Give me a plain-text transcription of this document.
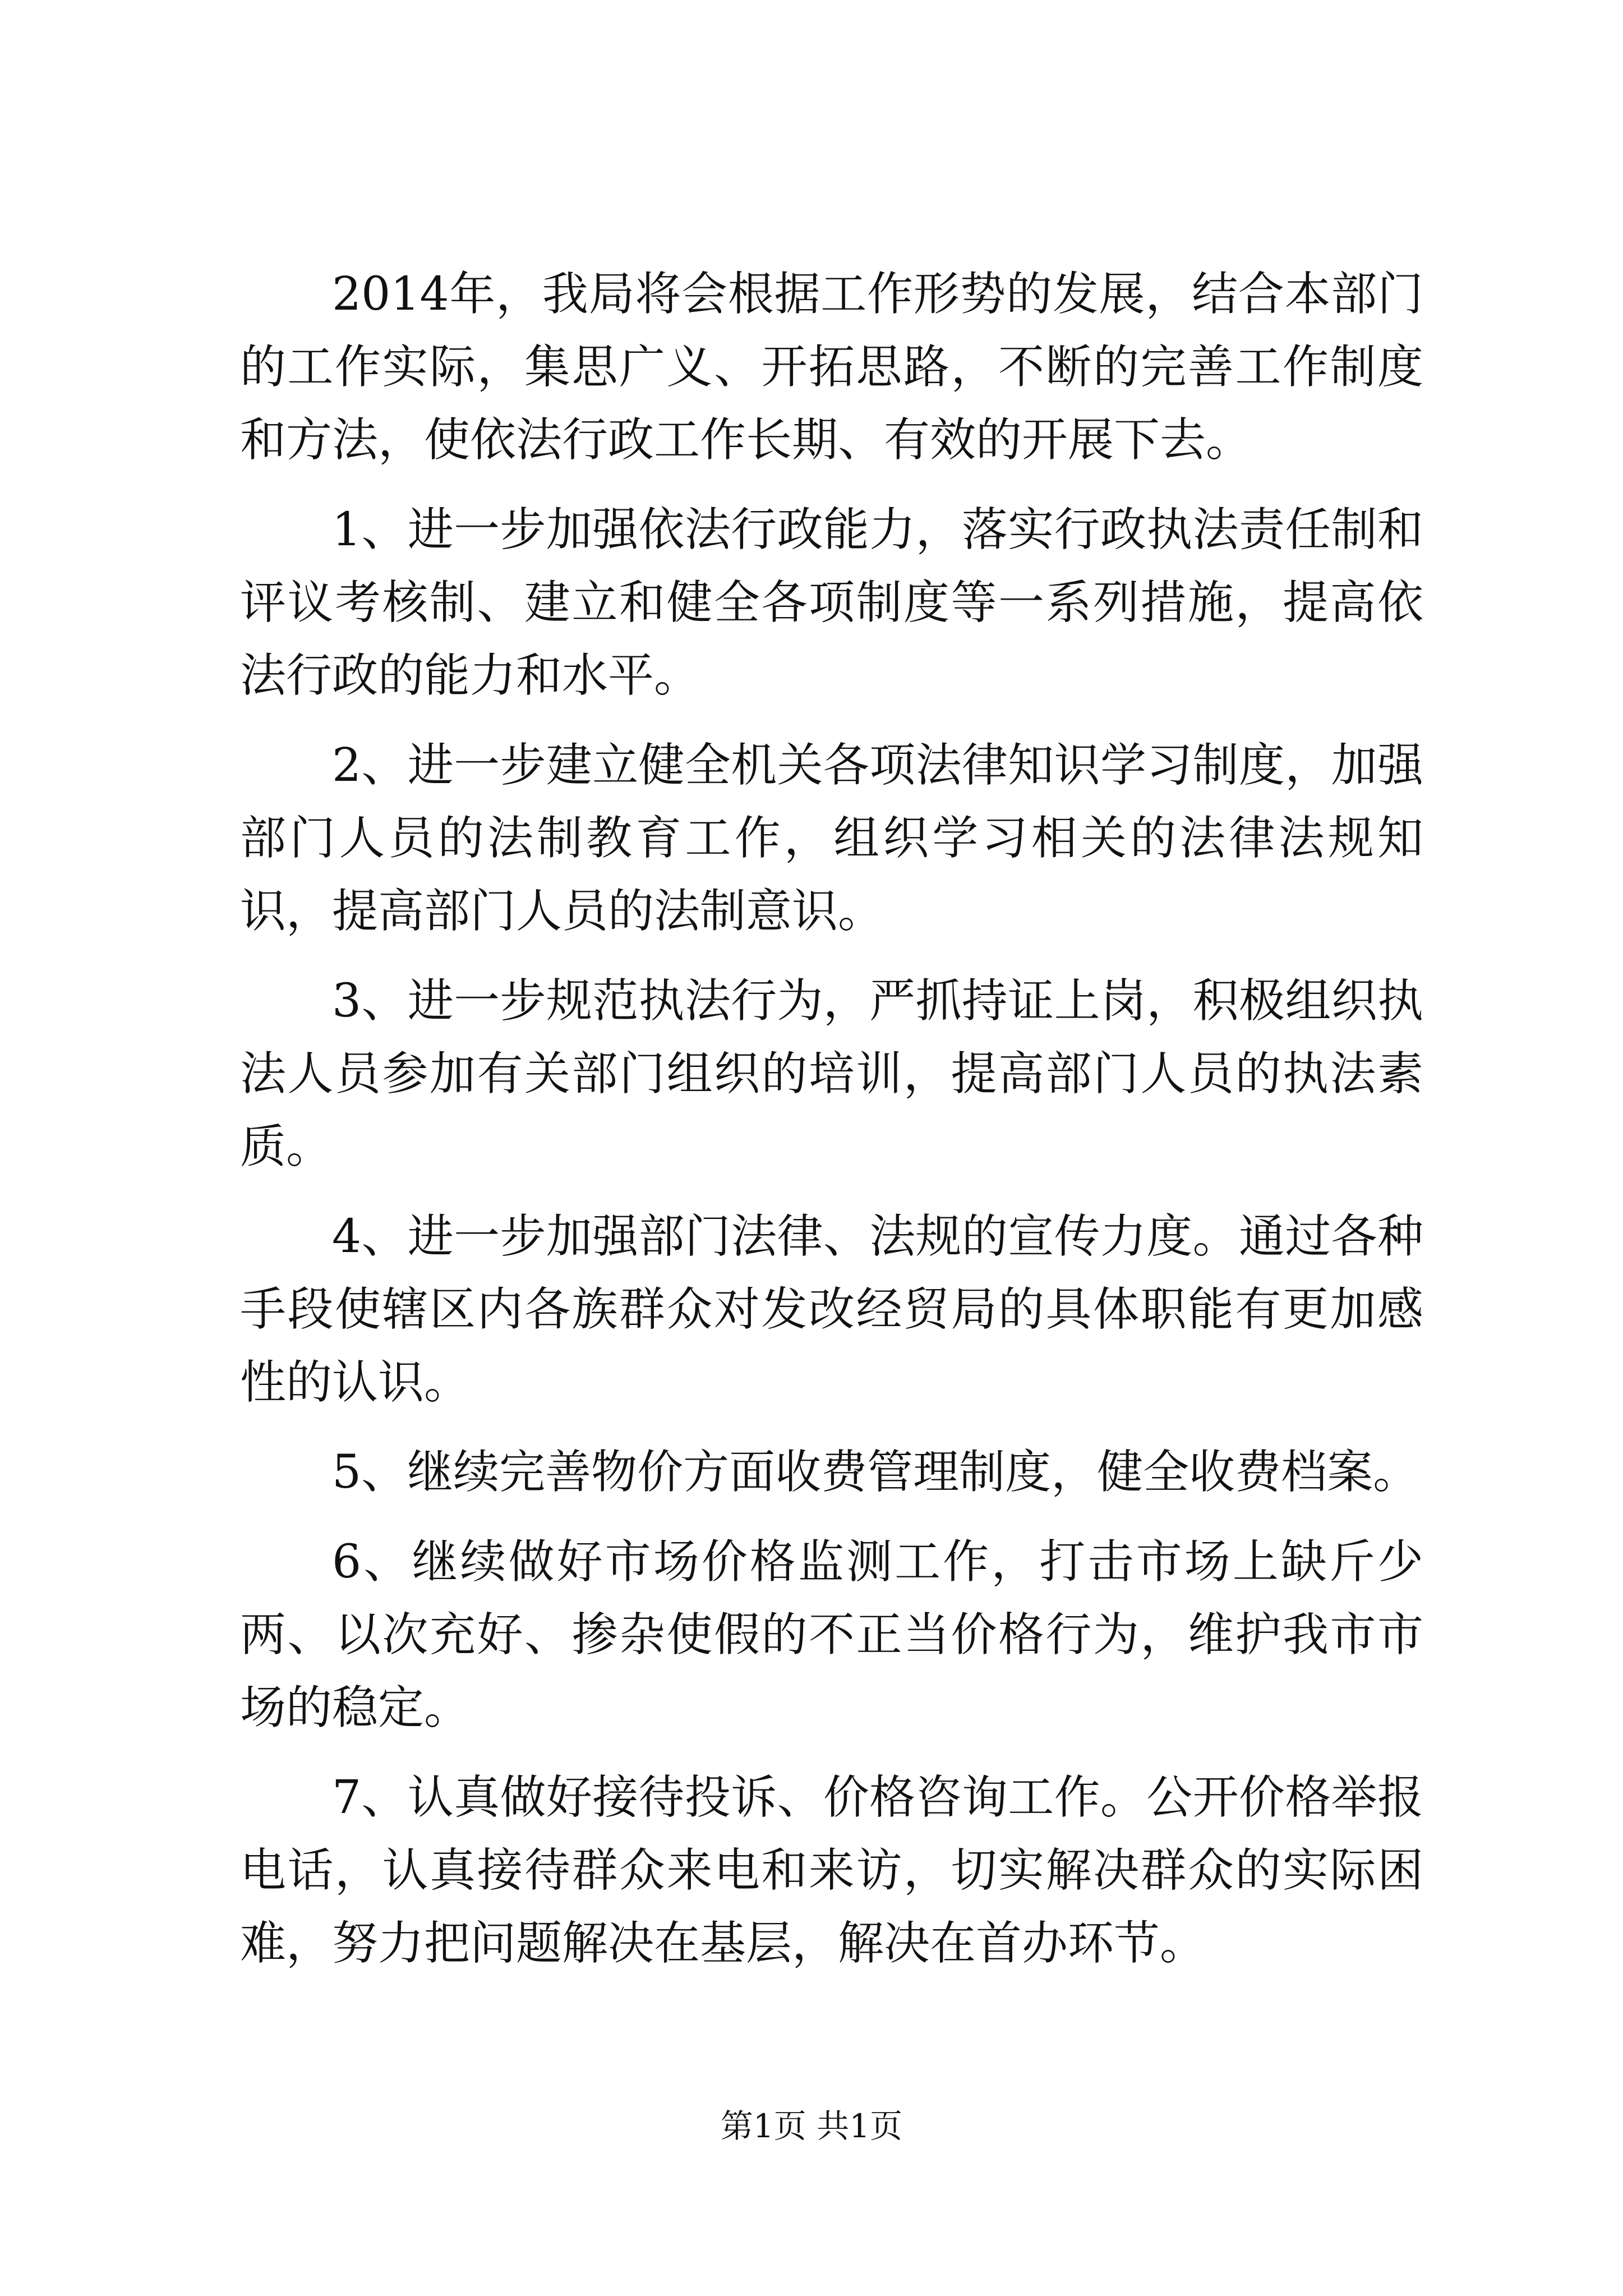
2014年，我局将会根据工作形势的发展，结合本部门的工作实际，集思广义、开拓思路，不断的完善工作制度和方法，使依法行政工作长期、有效的开展下去。

1、进一步加强依法行政能力，落实行政执法责任制和评议考核制、建立和健全各项制度等一系列措施，提高依法行政的能力和水平。

2、进一步建立健全机关各项法律知识学习制度，加强部门人员的法制教育工作，组织学习相关的法律法规知识，提高部门人员的法制意识。

3、进一步规范执法行为，严抓持证上岗，积极组织执法人员参加有关部门组织的培训，提高部门人员的执法素质。

4、进一步加强部门法律、法规的宣传力度。通过各种手段使辖区内各族群众对发改经贸局的具体职能有更加感性的认识。

5、继续完善物价方面收费管理制度，健全收费档案。

6、继续做好市场价格监测工作，打击市场上缺斤少两、以次充好、掺杂使假的不正当价格行为，维护我市市场的稳定。

7、认真做好接待投诉、价格咨询工作。公开价格举报电话，认真接待群众来电和来访，切实解决群众的实际困难，努力把问题解决在基层，解决在首办环节。

第1页 共1页
